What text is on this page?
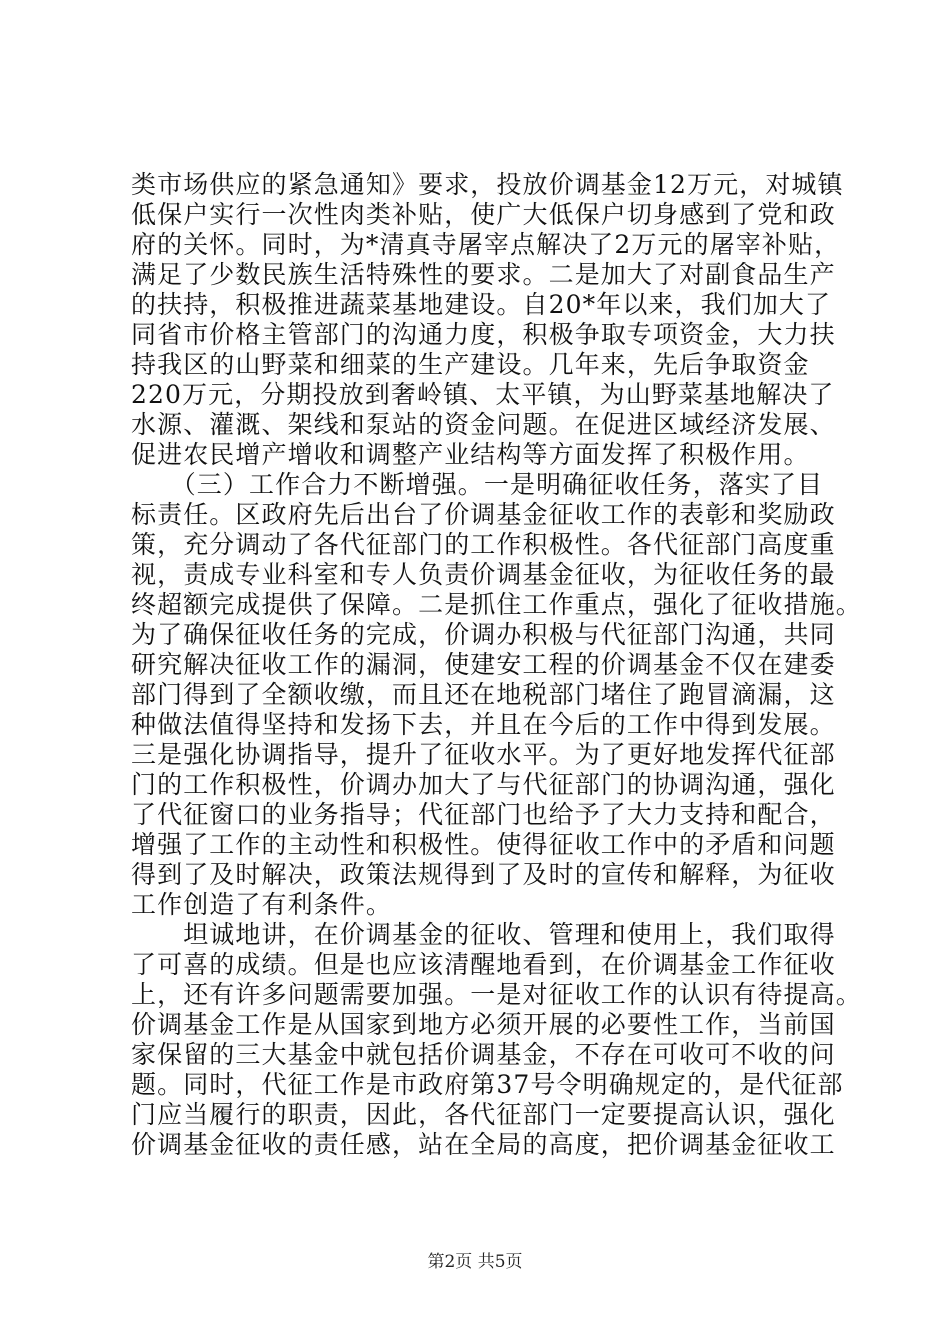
类市场供应的紧急通知》要求，投放价调基金12万元，对城镇
低保户实行一次性肉类补贴，使广大低保户切身感到了党和政
府的关怀。同时，为*清真寺屠宰点解决了2万元的屠宰补贴，
满足了少数民族生活特殊性的要求。二是加大了对副食品生产
的扶持，积极推进蔬菜基地建设。自20*年以来，我们加大了
同省市价格主管部门的沟通力度，积极争取专项资金，大力扶
持我区的山野菜和细菜的生产建设。几年来，先后争取资金
220万元，分期投放到奢岭镇、太平镇，为山野菜基地解决了
水源、灌溉、架线和泵站的资金问题。在促进区域经济发展、
促进农民增产增收和调整产业结构等方面发挥了积极作用。
　　（三）工作合力不断增强。一是明确征收任务，落实了目
标责任。区政府先后出台了价调基金征收工作的表彰和奖励政
策，充分调动了各代征部门的工作积极性。各代征部门高度重
视，责成专业科室和专人负责价调基金征收，为征收任务的最
终超额完成提供了保障。二是抓住工作重点，强化了征收措施。
为了确保征收任务的完成，价调办积极与代征部门沟通，共同
研究解决征收工作的漏洞，使建安工程的价调基金不仅在建委
部门得到了全额收缴，而且还在地税部门堵住了跑冒滴漏，这
种做法值得坚持和发扬下去，并且在今后的工作中得到发展。
三是强化协调指导，提升了征收水平。为了更好地发挥代征部
门的工作积极性，价调办加大了与代征部门的协调沟通，强化
了代征窗口的业务指导；代征部门也给予了大力支持和配合，
增强了工作的主动性和积极性。使得征收工作中的矛盾和问题
得到了及时解决，政策法规得到了及时的宣传和解释，为征收
工作创造了有利条件。
　　坦诚地讲，在价调基金的征收、管理和使用上，我们取得
了可喜的成绩。但是也应该清醒地看到，在价调基金工作征收
上，还有许多问题需要加强。一是对征收工作的认识有待提高。
价调基金工作是从国家到地方必须开展的必要性工作，当前国
家保留的三大基金中就包括价调基金，不存在可收可不收的问
题。同时，代征工作是市政府第37号令明确规定的，是代征部
门应当履行的职责，因此，各代征部门一定要提高认识，强化
价调基金征收的责任感，站在全局的高度，把价调基金征收工
第2页 共5页
